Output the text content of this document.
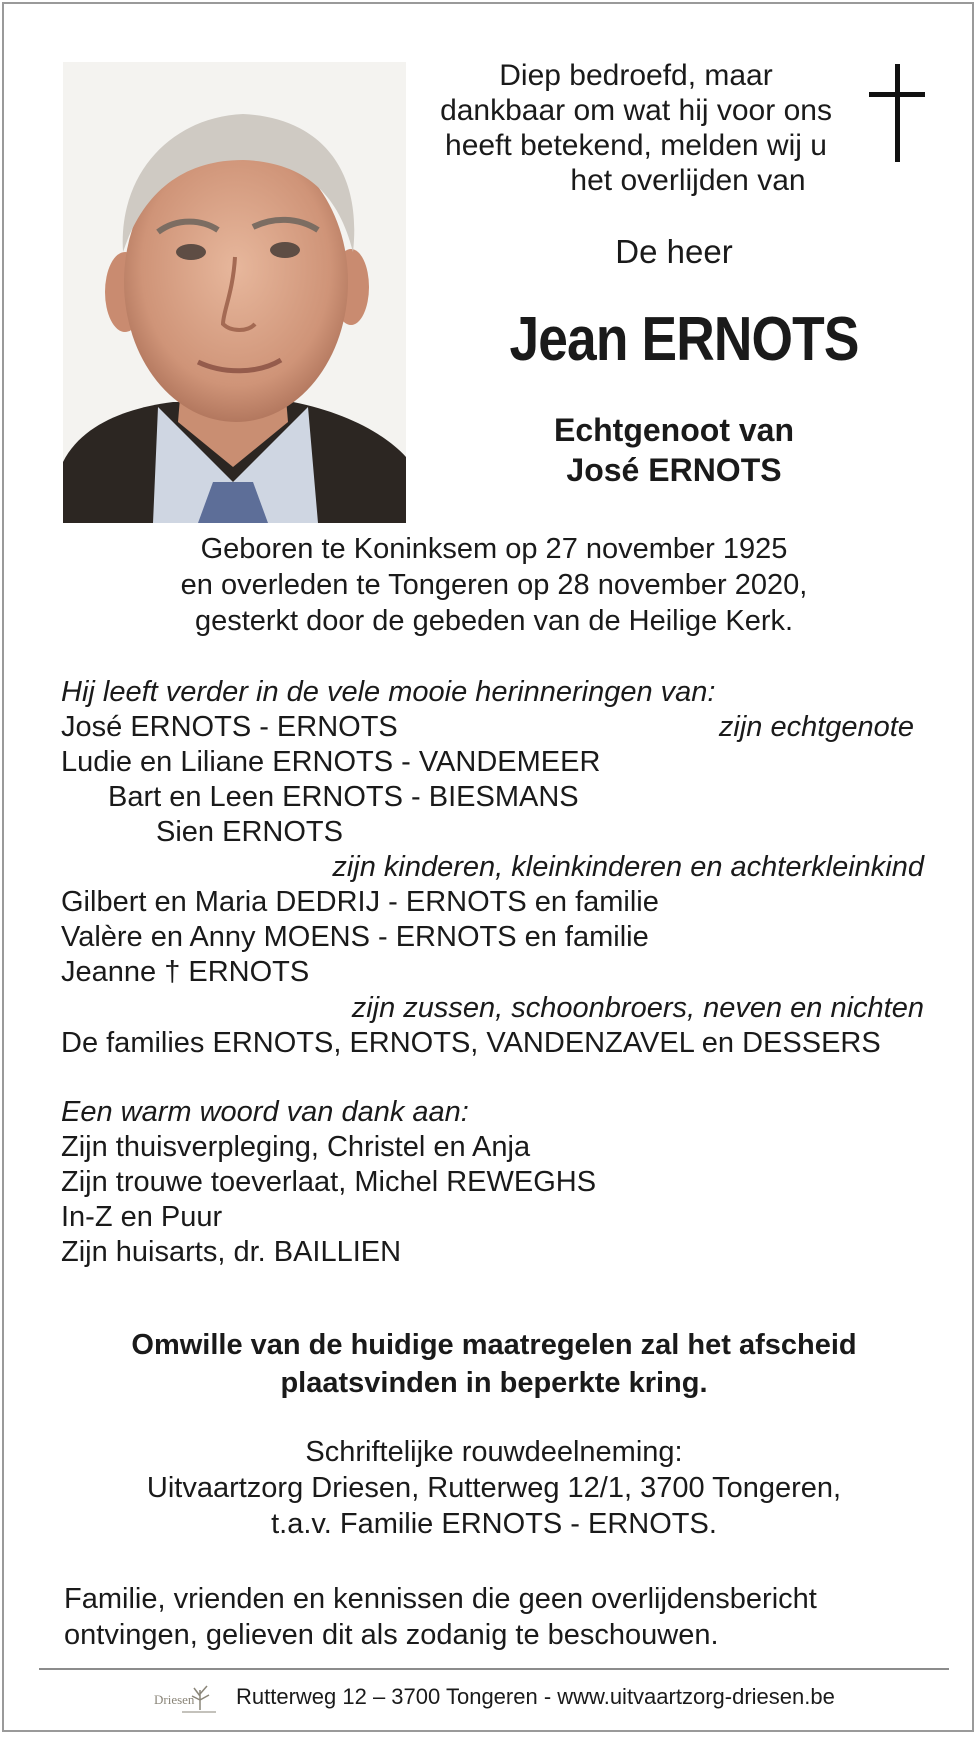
Diep bedroefd, maar
dankbaar om wat hij voor ons
heeft betekend, melden wij u
het overlijden van
De heer
Jean ERNOTS
Echtgenoot van
José ERNOTS
Geboren te Koninksem op 27 november 1925
en overleden te Tongeren op 28 november 2020,
gesterkt door de gebeden van de Heilige Kerk.
Hij leeft verder in de vele mooie herinneringen van:
José ERNOTS - ERNOTS	zijn echtgenote
Ludie en Liliane ERNOTS - VANDEMEER
Bart en Leen ERNOTS - BIESMANS
Sien ERNOTS
zijn kinderen, kleinkinderen en achterkleinkind
Gilbert en Maria DEDRIJ - ERNOTS en familie
Valère en Anny MOENS - ERNOTS en familie
Jeanne † ERNOTS
zijn zussen, schoonbroers, neven en nichten
De families ERNOTS, ERNOTS, VANDENZAVEL en DESSERS
Een warm woord van dank aan:
Zijn thuisverpleging, Christel en Anja
Zijn trouwe toeverlaat, Michel REWEGHS
In-Z en Puur
Zijn huisarts, dr. BAILLIEN
Omwille van de huidige maatregelen zal het afscheid
plaatsvinden in beperkte kring.
Schriftelijke rouwdeelneming:
Uitvaartzorg Driesen, Rutterweg 12/1, 3700 Tongeren,
t.a.v. Familie ERNOTS - ERNOTS.
Familie, vrienden en kennissen die geen overlijdensbericht
ontvingen, gelieven dit als zodanig te beschouwen.
Driesen Rutterweg 12 – 3700 Tongeren - www.uitvaartzorg-driesen.be
